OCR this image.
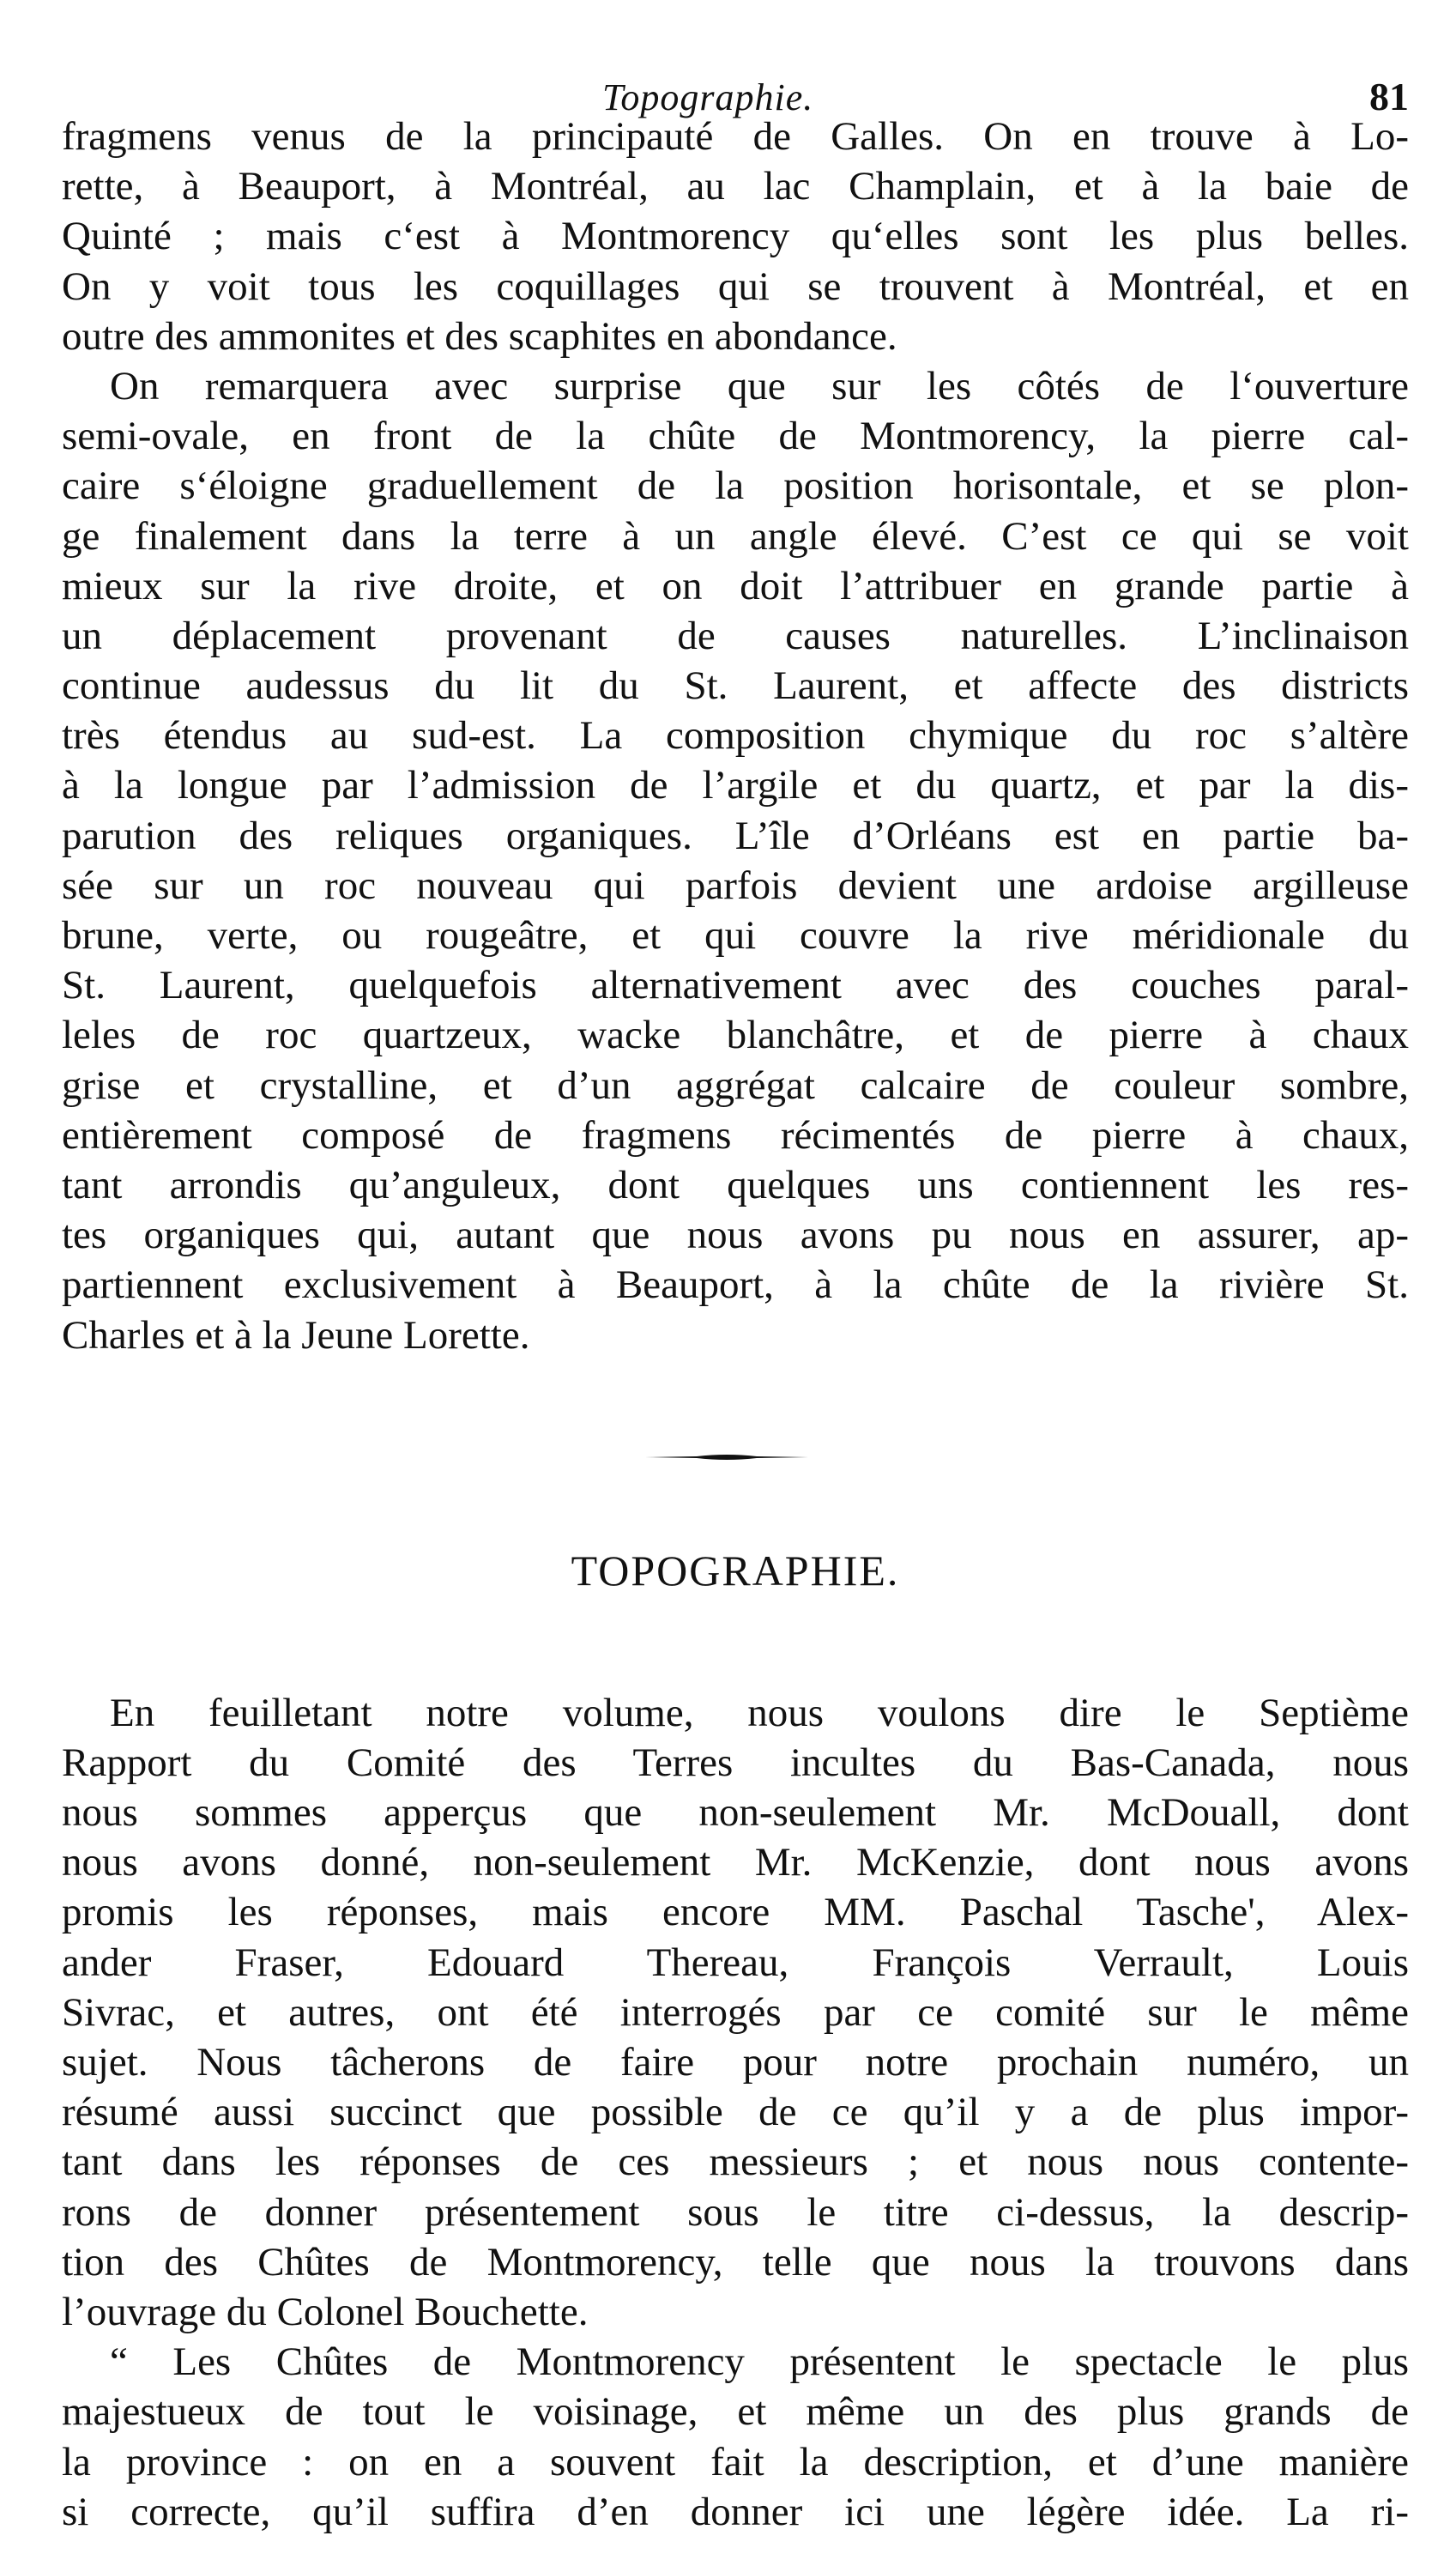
Topographie.	81
fragmens venus de la principauté de Galles. On en trouve à Lo-
rette, à Beauport, à Montréal, au lac Champlain, et à la baie de
Quinté ; mais c‘est à Montmorency qu‘elles sont les plus belles.
On y voit tous les coquillages qui se trouvent à Montréal, et en
outre des ammonites et des scaphites en abondance.
On remarquera avec surprise que sur les côtés de l‘ouverture
semi-ovale, en front de la chûte de Montmorency, la pierre cal-
caire s‘éloigne graduellement de la position horisontale, et se plon-
ge finalement dans la terre à un angle élevé. C’est ce qui se voit
mieux sur la rive droite, et on doit l’attribuer en grande partie à
un déplacement provenant de causes naturelles. L’inclinaison
continue audessus du lit du St. Laurent, et affecte des districts
très étendus au sud-est. La composition chymique du roc s’altère
à la longue par l’admission de l’argile et du quartz, et par la dis-
parution des reliques organiques. L’île d’Orléans est en partie ba-
sée sur un roc nouveau qui parfois devient une ardoise argilleuse
brune, verte, ou rougeâtre, et qui couvre la rive méridionale du
St. Laurent, quelquefois alternativement avec des couches paral-
leles de roc quartzeux, wacke blanchâtre, et de pierre à chaux
grise et crystalline, et d’un aggrégat calcaire de couleur sombre,
entièrement composé de fragmens récimentés de pierre à chaux,
tant arrondis qu’anguleux, dont quelques uns contiennent les res-
tes organiques qui, autant que nous avons pu nous en assurer, ap-
partiennent exclusivement à Beauport, à la chûte de la rivière St.
Charles et à la Jeune Lorette.
TOPOGRAPHIE.
En feuilletant notre volume, nous voulons dire le Septième
Rapport du Comité des Terres incultes du Bas-Canada, nous
nous sommes apperçus que non-seulement Mr. McDouall, dont
nous avons donné, non-seulement Mr. McKenzie, dont nous avons
promis les réponses, mais encore MM. Paschal Tasche', Alex-
ander Fraser, Edouard Thereau, François Verrault, Louis
Sivrac, et autres, ont été interrogés par ce comité sur le même
sujet. Nous tâcherons de faire pour notre prochain numéro, un
résumé aussi succinct que possible de ce qu’il y a de plus impor-
tant dans les réponses de ces messieurs ; et nous nous contente-
rons de donner présentement sous le titre ci-dessus, la descrip-
tion des Chûtes de Montmorency, telle que nous la trouvons dans
l’ouvrage du Colonel Bouchette.
“ Les Chûtes de Montmorency présentent le spectacle le plus
majestueux de tout le voisinage, et même un des plus grands de
la province : on en a souvent fait la description, et d’une manière
si correcte, qu’il suffira d’en donner ici une légère idée. La ri-
